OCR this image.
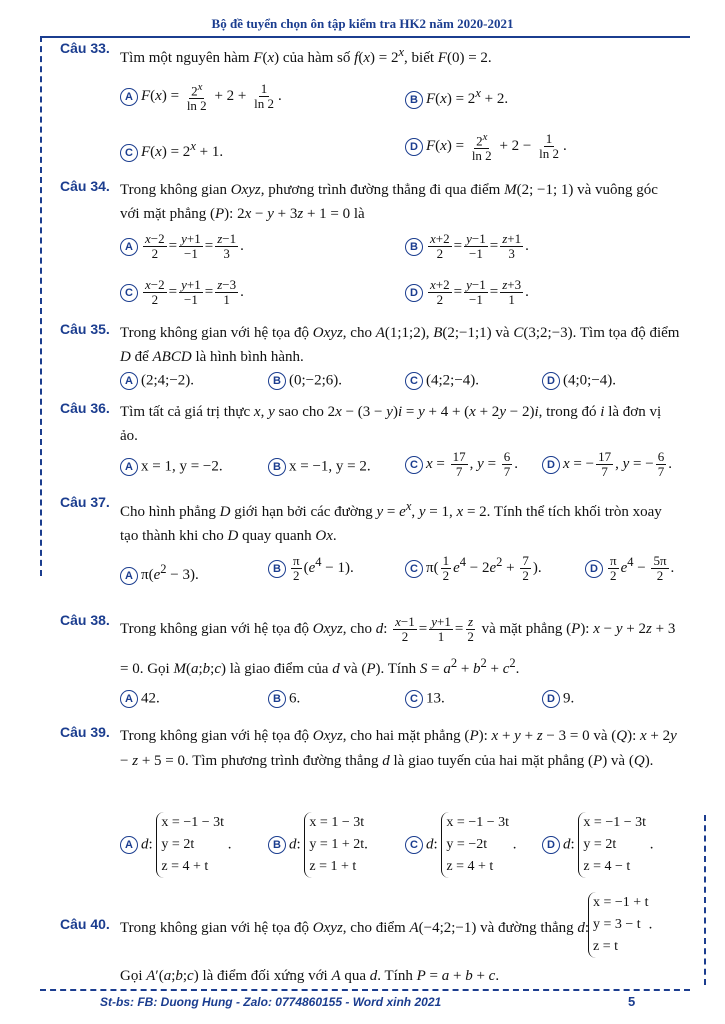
Bộ đề tuyển chọn ôn tập kiểm tra HK2 năm 2020-2021
Câu 33.
Tìm một nguyên hàm F(x) của hàm số $f(x) = 2^x$, biết F(0) = 2.
A $F(x) = \frac{2^x}{\ln 2} + 2 + \frac{1}{\ln 2}$ .	B $F(x) = 2^x + 2$.
C $F(x) = 2^x + 1$.	D $F(x) = \frac{2^x}{\ln 2} + 2 - \frac{1}{\ln 2}$ .
Câu 34. Trong không gian Oxyz, phương trình đường thẳng đi qua điểm M(2; −1; 1) và vuông góc với mặt phẳng (P): 2x − y + 3z + 1 = 0 là
A $\frac{x-2}{2} = \frac{y+1}{-1} = \frac{z-1}{3}$ .	B $\frac{x+2}{2} = \frac{y-1}{-1} = \frac{z+1}{3}$ .
C $\frac{x-2}{2} = \frac{y+1}{-1} = \frac{z-3}{1}$ .	D $\frac{x+2}{2} = \frac{y-1}{-1} = \frac{z+3}{1}$ .
Câu 35. Trong không gian với hệ tọa độ Oxyz, cho A(1;1;2), B(2;−1;1) và C(3;2;−3). Tìm tọa độ điểm D để ABCD là hình bình hành.
A (2;4;−2).	B (0;−2;6).	C (4;2;−4).	D (4;0;−4).
Câu 36. Tìm tất cả giá trị thực x, y sao cho 2x − (3 − y)i = y + 4 + (x + 2y − 2)i, trong đó i là đơn vị ảo.
A x = 1, y = −2.	B x = −1, y = 2.	C $x = \frac{17}{7}$ , $y = \frac{6}{7}$ .	D x = − $\frac{17}{7}$ , y = − $\frac{6}{7}$ .
Câu 37.
Cho hình phẳng D giới hạn bởi các đường $y = e^x$, y = 1, x = 2. Tính thể tích khối tròn xoay tạo thành khi cho D quay quanh Ox.
A $\pi(e^2 - 3)$.	B $\frac{\pi}{2} (e^4 - 1)$.	C $\pi( \frac{1}{2} e^4 - 2e^2 + \frac{7}{2}$ ).	D $\frac{\pi}{2} e^4 - \frac{5\pi}{2}$ .
Câu 38.
Trong không gian với hệ tọa độ Oxyz, cho d: $\frac{x-1}{2} = \frac{y+1}{1} = \frac{z}{2}$ và mặt phẳng (P): x − y + 2z + 3 = 0. Gọi M(a;b;c) là giao điểm của d và (P). Tính $S = a^2 + b^2 + c^2$.
A 42.	B 6.	C 13.	D 9.
Câu 39. Trong không gian với hệ tọa độ Oxyz, cho hai mặt phẳng (P): x + y + z − 3 = 0 và (Q): x + 2y − z + 5 = 0. Tìm phương trình đường thẳng d là giao tuyến của hai mặt phẳng (P) và (Q).
A d: x = −1 − 3t
y = 2t
z = 4 + t .	B d: x = 1 − 3t
y = 1 + 2t
z = 1 + t.	C d: x = −1 − 3t
y = −2t
z = 4 + t .	D d: x = −1 − 3t
y = 2t
z = 4 − t .
Câu 40. Trong không gian với hệ tọa độ Oxyz, cho điểm A(−4;2;−1) và đường thẳng d:
x = −1 + t
y = 3 − t
z = t.
Gọi A′(a;b;c) là điểm đối xứng với A qua d. Tính P = a + b + c.
St-bs: FB: Duong Hung - Zalo: 0774860155 - Word xinh 2021	5
